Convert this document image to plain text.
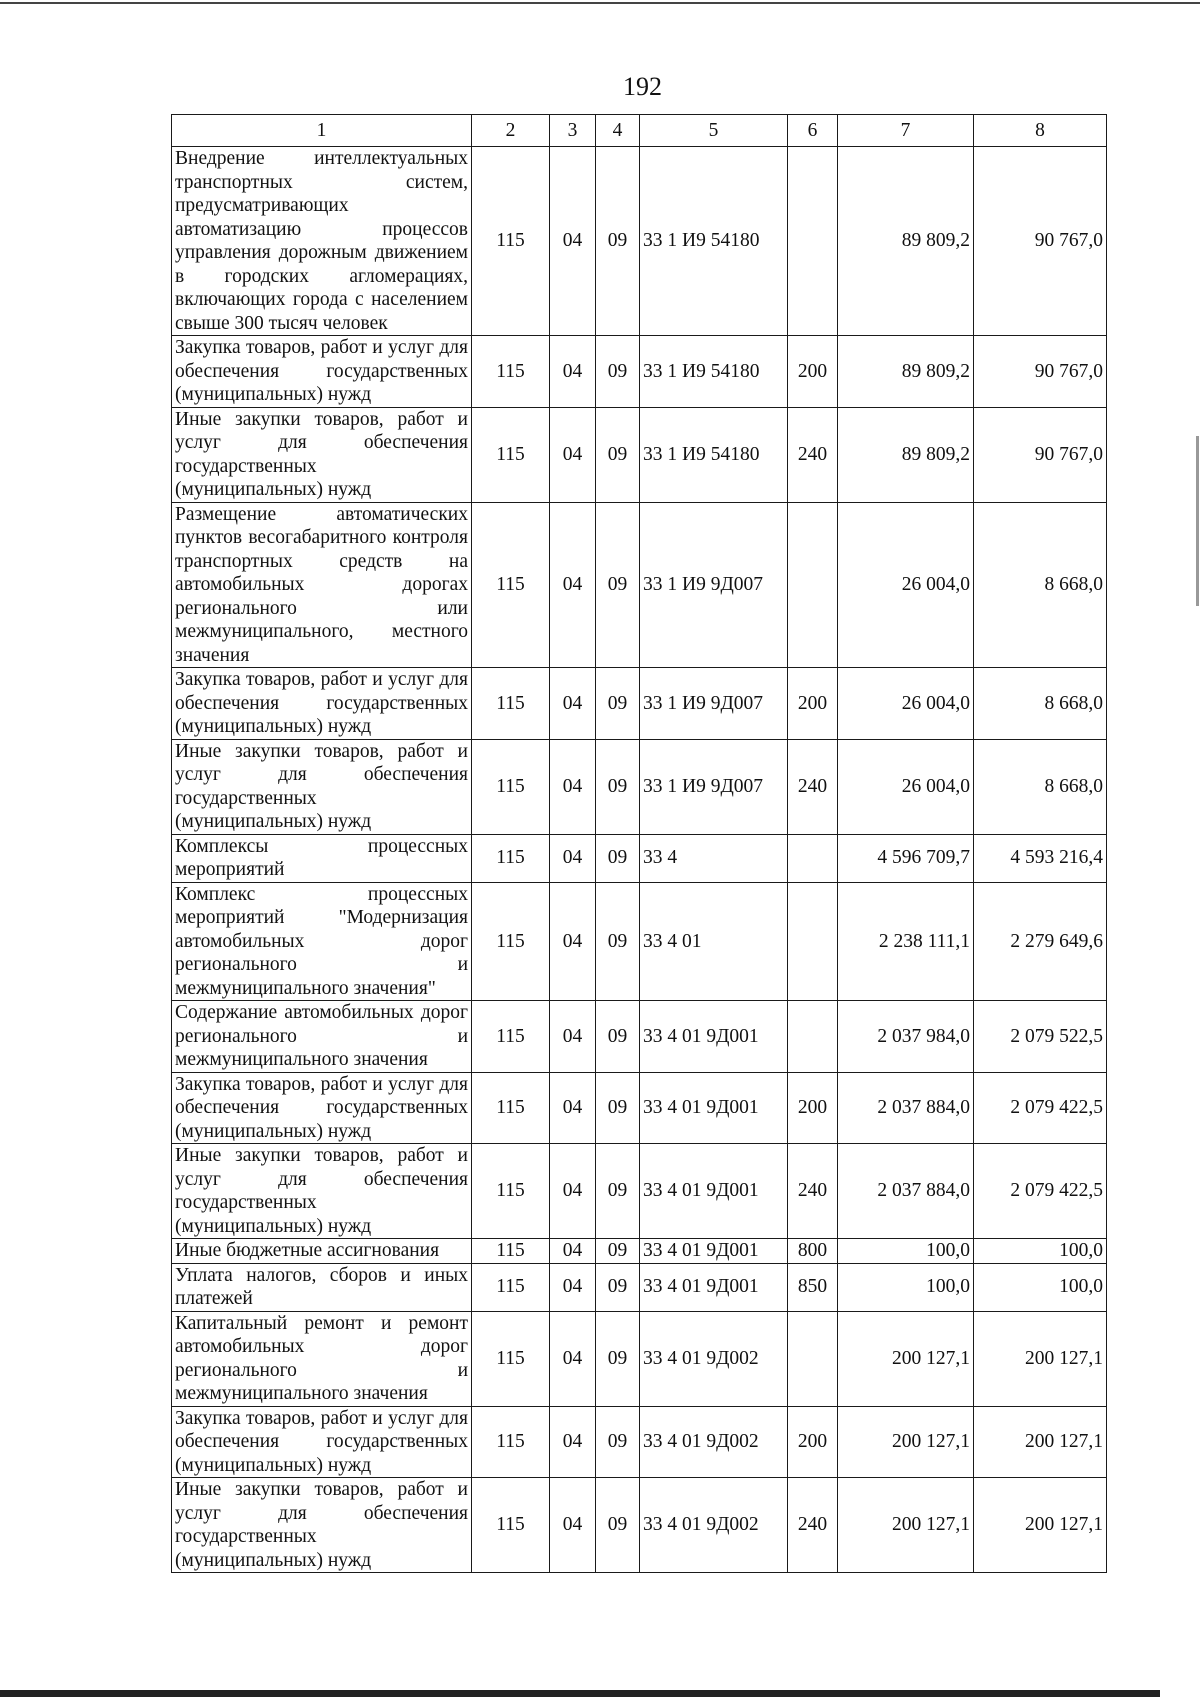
192
1	2	3	4	5	6	7	8
Внедрение интеллектуальных транспортных систем, предусматривающих автоматизацию процессов управления дорожным движением в городских агломерациях, включающих города с населением свыше 300 тысяч человек	115	04	09	33 1 И9 54180		89 809,2	90 767,0
Закупка товаров, работ и услуг для обеспечения государственных (муниципальных) нужд	115	04	09	33 1 И9 54180	200	89 809,2	90 767,0
Иные закупки товаров, работ и услуг для обеспечения государственных (муниципальных) нужд	115	04	09	33 1 И9 54180	240	89 809,2	90 767,0
Размещение автоматических пунктов весогабаритного контроля транспортных средств на автомобильных дорогах регионального или межмуниципального, местного значения	115	04	09	33 1 И9 9Д007		26 004,0	8 668,0
Закупка товаров, работ и услуг для обеспечения государственных (муниципальных) нужд	115	04	09	33 1 И9 9Д007	200	26 004,0	8 668,0
Иные закупки товаров, работ и услуг для обеспечения государственных (муниципальных) нужд	115	04	09	33 1 И9 9Д007	240	26 004,0	8 668,0
Комплексы процессных мероприятий	115	04	09	33 4		4 596 709,7	4 593 216,4
Комплекс процессных мероприятий "Модернизация автомобильных дорог регионального и межмуниципального значения"	115	04	09	33 4 01		2 238 111,1	2 279 649,6
Содержание автомобильных дорог регионального и межмуниципального значения	115	04	09	33 4 01 9Д001		2 037 984,0	2 079 522,5
Закупка товаров, работ и услуг для обеспечения государственных (муниципальных) нужд	115	04	09	33 4 01 9Д001	200	2 037 884,0	2 079 422,5
Иные закупки товаров, работ и услуг для обеспечения государственных (муниципальных) нужд	115	04	09	33 4 01 9Д001	240	2 037 884,0	2 079 422,5
Иные бюджетные ассигнования	115	04	09	33 4 01 9Д001	800	100,0	100,0
Уплата налогов, сборов и иных платежей	115	04	09	33 4 01 9Д001	850	100,0	100,0
Капитальный ремонт и ремонт автомобильных дорог регионального и межмуниципального значения	115	04	09	33 4 01 9Д002		200 127,1	200 127,1
Закупка товаров, работ и услуг для обеспечения государственных (муниципальных) нужд	115	04	09	33 4 01 9Д002	200	200 127,1	200 127,1
Иные закупки товаров, работ и услуг для обеспечения государственных (муниципальных) нужд	115	04	09	33 4 01 9Д002	240	200 127,1	200 127,1
